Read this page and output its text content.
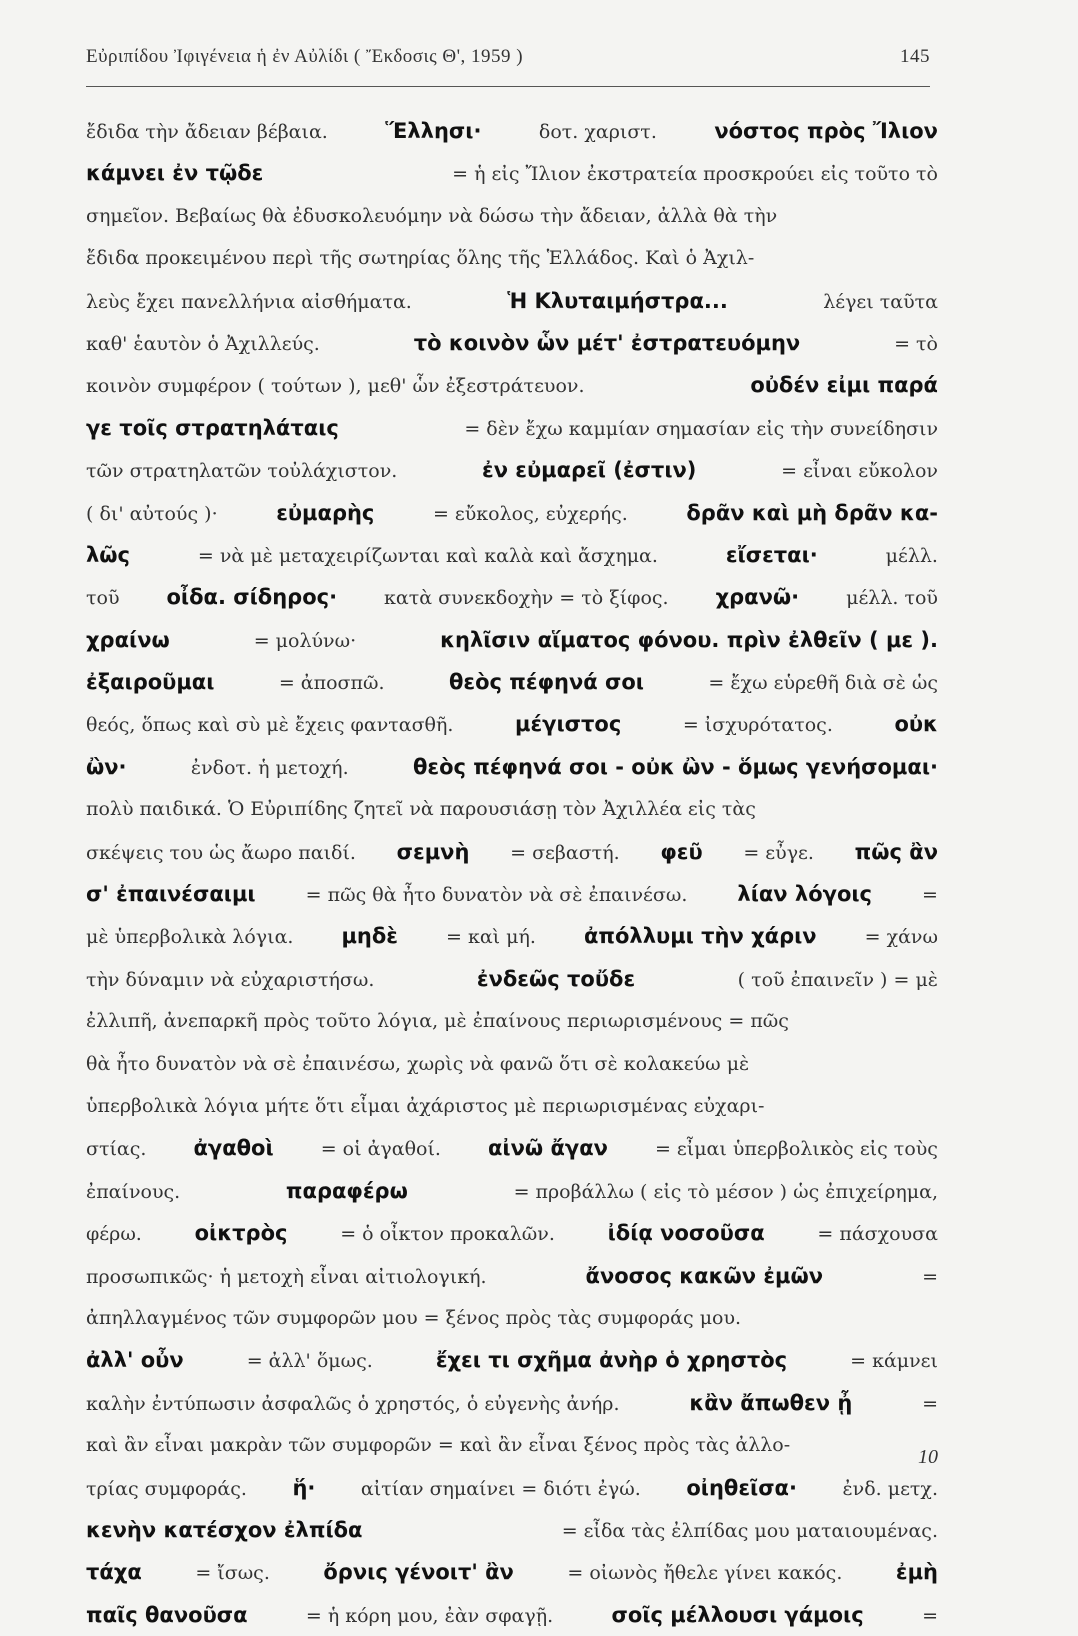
Εὐριπίδου Ἰφιγένεια ἡ ἐν Αὐλίδι ( Ἔκδοσις Θ', 1959 )	145
ἔδιδα τὴν ἄδειαν βέβαια.	Ἕλλησι·	δοτ. χαριστ.	νόστος πρὸς Ἴλιον
κάμνει ἐν τῷδε	= ἡ εἰς Ἴλιον ἐκστρατεία προσκρούει εἰς τοῦτο τὸ
σημεῖον. Βεβαίως θὰ ἐδυσκολευόμην νὰ δώσω τὴν ἄδειαν, ἀλλὰ θὰ τὴν
ἔδιδα προκειμένου περὶ τῆς σωτηρίας ὅλης τῆς Ἑλλάδος. Καὶ ὁ Ἀχιλ-
λεὺς ἔχει πανελλήνια αἰσθήματα.	Ἡ Κλυταιμήστρα...	λέγει ταῦτα
καθ' ἑαυτὸν ὁ Ἀχιλλεύς.	τὸ κοινὸν ὧν μέτ' ἐστρατευόμην	= τὸ
κοινὸν συμφέρον ( τούτων ), μεθ' ὧν ἐξεστράτευον.	οὐδέν εἰμι παρά
γε τοῖς στρατηλάταις	= δὲν ἔχω καμμίαν σημασίαν εἰς τὴν συνείδησιν
τῶν στρατηλατῶν τοὐλάχιστον.	ἐν εὐμαρεῖ (ἐστιν)	= εἶναι εὔκολον
( δι' αὐτούς )·	εὐμαρὴς	= εὔκολος, εὐχερής.	δρᾶν καὶ μὴ δρᾶν κα-
λῶς	= νὰ μὲ μεταχειρίζωνται καὶ καλὰ καὶ ἄσχημα.	εἴσεται·	μέλλ.
τοῦ οἶδα. σίδηρος· κατὰ συνεκδοχὴν = τὸ ξίφος. χρανῶ· μέλλ. τοῦ
χραίνω	= μολύνω·	κηλῖσιν αἵματος φόνου. πρὶν ἐλθεῖν ( με ).
ἐξαιροῦμαι	= ἀποσπῶ.	θεὸς πέφηνά σοι	= ἔχω εὑρεθῆ διὰ σὲ ὡς
θεός, ὅπως καὶ σὺ μὲ ἔχεις φαντασθῆ.	μέγιστος	= ἰσχυρότατος.	οὐκ
ὢν·	ἐνδοτ. ἡ μετοχή.	θεὸς πέφηνά σοι - οὐκ ὢν - ὅμως γενήσομαι·
πολὺ παιδικά. Ὁ Εὐριπίδης ζητεῖ νὰ παρουσιάσῃ τὸν Ἀχιλλέα εἰς τὰς
σκέψεις του ὡς ἄωρο παιδί. σεμνὴ = σεβαστή. φεῦ = εὖγε. πῶς ἂν
σ' ἐπαινέσαιμι	= πῶς θὰ ἦτο δυνατὸν νὰ σὲ ἐπαινέσω. λίαν λόγοις	=
μὲ ὑπερβολικὰ λόγια. μηδὲ	= καὶ μή. ἀπόλλυμι τὴν χάριν	= χάνω
τὴν δύναμιν νὰ εὐχαριστήσω.	ἐνδεῶς τοὔδε	( τοῦ ἐπαινεῖν ) = μὲ
ἐλλιπῆ, ἀνεπαρκῆ πρὸς τοῦτο λόγια, μὲ ἐπαίνους περιωρισμένους = πῶς
θὰ ἦτο δυνατὸν νὰ σὲ ἐπαινέσω, χωρὶς νὰ φανῶ ὅτι σὲ κολακεύω μὲ
ὑπερβολικὰ λόγια μήτε ὅτι εἶμαι ἀχάριστος μὲ περιωρισμένας εὐχαρι-
στίας. ἀγαθοὶ = οἱ ἀγαθοί. αἰνῶ ἄγαν = εἶμαι ὑπερβολικὸς εἰς τοὺς
ἐπαίνους.	παραφέρω	= προβάλλω ( εἰς τὸ μέσον ) ὡς ἐπιχείρημα,
φέρω.	οἰκτρὸς	= ὁ οἶκτον προκαλῶν.	ἰδίᾳ νοσοῦσα	= πάσχουσα
προσωπικῶς· ἡ μετοχὴ εἶναι αἰτιολογική.	ἄνοσος κακῶν ἐμῶν	=
ἀπηλλαγμένος τῶν συμφορῶν μου = ξένος πρὸς τὰς συμφοράς μου.
ἀλλ' οὖν	= ἀλλ' ὅμως.	ἔχει τι σχῆμα ἀνὴρ ὁ χρηστὸς	= κάμνει
καλὴν ἐντύπωσιν ἀσφαλῶς ὁ χρηστός, ὁ εὐγενὴς ἀνήρ.	κἂν ἄπωθεν ᾖ	=
καὶ ἂν εἶναι μακρὰν τῶν συμφορῶν = καὶ ἂν εἶναι ξένος πρὸς τὰς ἀλλο-
τρίας συμφοράς. ἥ· αἰτίαν σημαίνει = διότι ἐγώ. οἰηθεῖσα· ἐνδ. μετχ.
κενὴν κατέσχον ἐλπίδα	= εἶδα τὰς ἐλπίδας μου ματαιουμένας.
τάχα	= ἴσως.	ὄρνις γένοιτ' ἂν	= οἰωνὸς ἤθελε γίνει κακός.	ἐμὴ
παῖς θανοῦσα	= ἡ κόρη μου, ἐὰν σφαγῇ.	σοῖς μέλλουσι γάμοις	=
10
